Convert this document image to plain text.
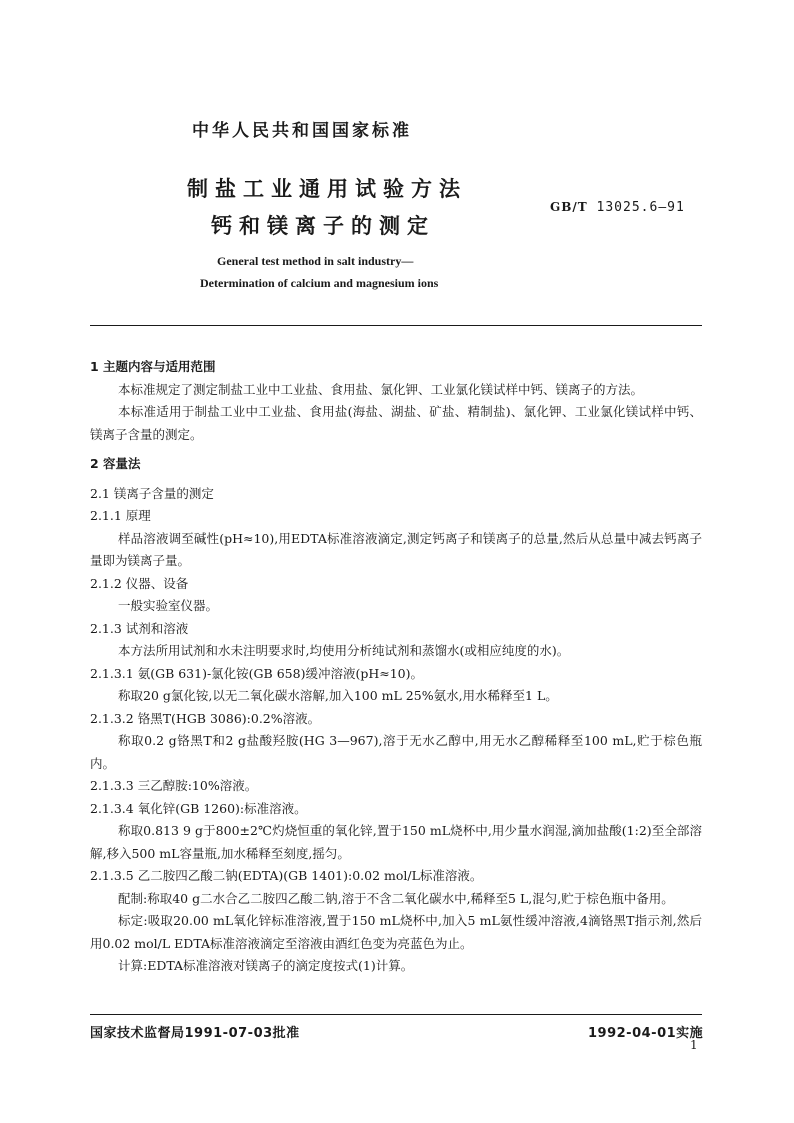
中华人民共和国国家标准
制盐工业通用试验方法
钙和镁离子的测定
GB/T 13025.6—91
General test method in salt industry—
Determination of calcium and magnesium ions

1 主题内容与适用范围

本标准规定了测定制盐工业中工业盐、食用盐、氯化钾、工业氯化镁试样中钙、镁离子的方法。

本标准适用于制盐工业中工业盐、食用盐(海盐、湖盐、矿盐、精制盐)、氯化钾、工业氯化镁试样中钙、镁离子含量的测定。

2 容量法

2.1 镁离子含量的测定

2.1.1 原理

样品溶液调至碱性(pH≈10),用EDTA标准溶液滴定,测定钙离子和镁离子的总量,然后从总量中减去钙离子量即为镁离子量。

2.1.2 仪器、设备

一般实验室仪器。

2.1.3 试剂和溶液

本方法所用试剂和水未注明要求时,均使用分析纯试剂和蒸馏水(或相应纯度的水)。

2.1.3.1 氨(GB 631)-氯化铵(GB 658)缓冲溶液(pH≈10)。

称取20 g氯化铵,以无二氧化碳水溶解,加入100 mL 25%氨水,用水稀释至1 L。

2.1.3.2 铬黑T(HGB 3086):0.2%溶液。

称取0.2 g铬黑T和2 g盐酸羟胺(HG 3—967),溶于无水乙醇中,用无水乙醇稀释至100 mL,贮于棕色瓶内。

2.1.3.3 三乙醇胺:10%溶液。

2.1.3.4 氧化锌(GB 1260):标准溶液。

称取0.813 9 g于800±2℃灼烧恒重的氧化锌,置于150 mL烧杯中,用少量水润湿,滴加盐酸(1:2)至全部溶解,移入500 mL容量瓶,加水稀释至刻度,摇匀。

2.1.3.5 乙二胺四乙酸二钠(EDTA)(GB 1401):0.02 mol/L标准溶液。

配制:称取40 g二水合乙二胺四乙酸二钠,溶于不含二氧化碳水中,稀释至5 L,混匀,贮于棕色瓶中备用。

标定:吸取20.00 mL氧化锌标准溶液,置于150 mL烧杯中,加入5 mL氨性缓冲溶液,4滴铬黑T指示剂,然后用0.02 mol/L EDTA标准溶液滴定至溶液由酒红色变为亮蓝色为止。

计算:EDTA标准溶液对镁离子的滴定度按式(1)计算。

国家技术监督局1991-07-03批准	1992-04-01实施
1
